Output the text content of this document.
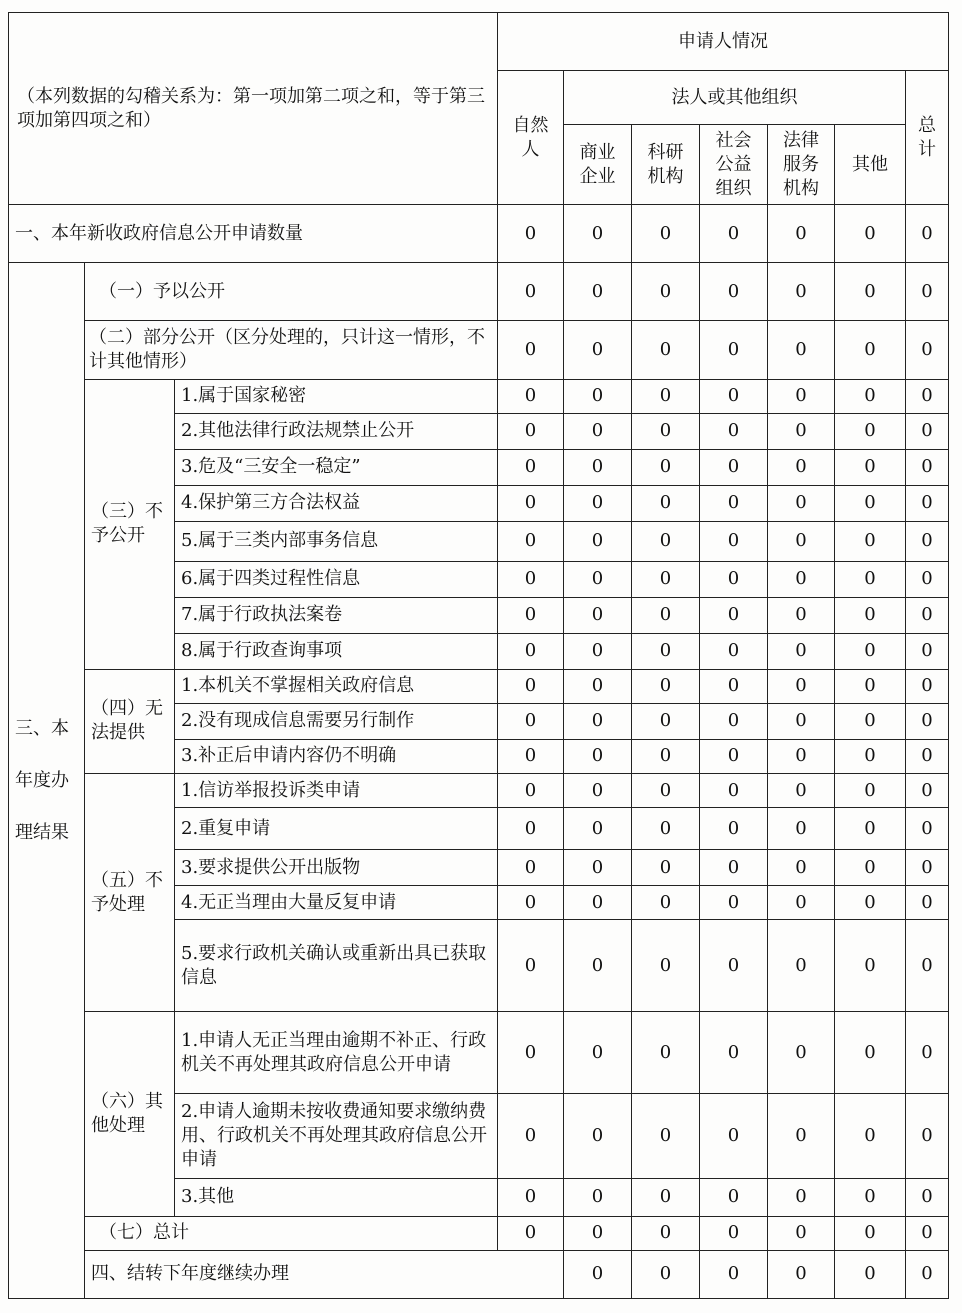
（本列数据的勾稽关系为：第一项加第二项之和，等于第三项加第四项之和）			申请人情况							
			自然人	法人或其他组织					总计	
				商业企业	科研机构	社会公益组织	法律服务机构	其他		
一、本年新收政府信息公开申请数量			0	0	0	0	0	0	0	
三、本年度办理结果	（一）予以公开		0	0	0	0	0	0	0	
	（二）部分公开（区分处理的，只计这一情形，不计其他情形）		0	0	0	0	0	0	0	
	（三）不予公开	1.属于国家秘密	0	0	0	0	0	0	0	
		2.其他法律行政法规禁止公开	0	0	0	0	0	0	0	
		3.危及“三安全一稳定”	0	0	0	0	0	0	0	
		4.保护第三方合法权益	0	0	0	0	0	0	0	
		5.属于三类内部事务信息	0	0	0	0	0	0	0	
		6.属于四类过程性信息	0	0	0	0	0	0	0	
		7.属于行政执法案卷	0	0	0	0	0	0	0	
		8.属于行政查询事项	0	0	0	0	0	0	0	
	（四）无法提供	1.本机关不掌握相关政府信息	0	0	0	0	0	0	0	
		2.没有现成信息需要另行制作	0	0	0	0	0	0	0	
		3.补正后申请内容仍不明确	0	0	0	0	0	0	0	
	（五）不予处理	1.信访举报投诉类申请	0	0	0	0	0	0	0	
		2.重复申请	0	0	0	0	0	0	0	
		3.要求提供公开出版物	0	0	0	0	0	0	0	
		4.无正当理由大量反复申请	0	0	0	0	0	0	0	
		5.要求行政机关确认或重新出具已获取信息	0	0	0	0	0	0	0	
	（六）其他处理	1.申请人无正当理由逾期不补正、行政机关不再处理其政府信息公开申请	0	0	0	0	0	0	0	
		2.申请人逾期未按收费通知要求缴纳费用、行政机关不再处理其政府信息公开申请	0	0	0	0	0	0	0	
		3.其他	0	0	0	0	0	0	0	
	（七）总计		0	0	0	0	0	0	0	
	四、结转下年度继续办理			0	0	0	0	0	0	
